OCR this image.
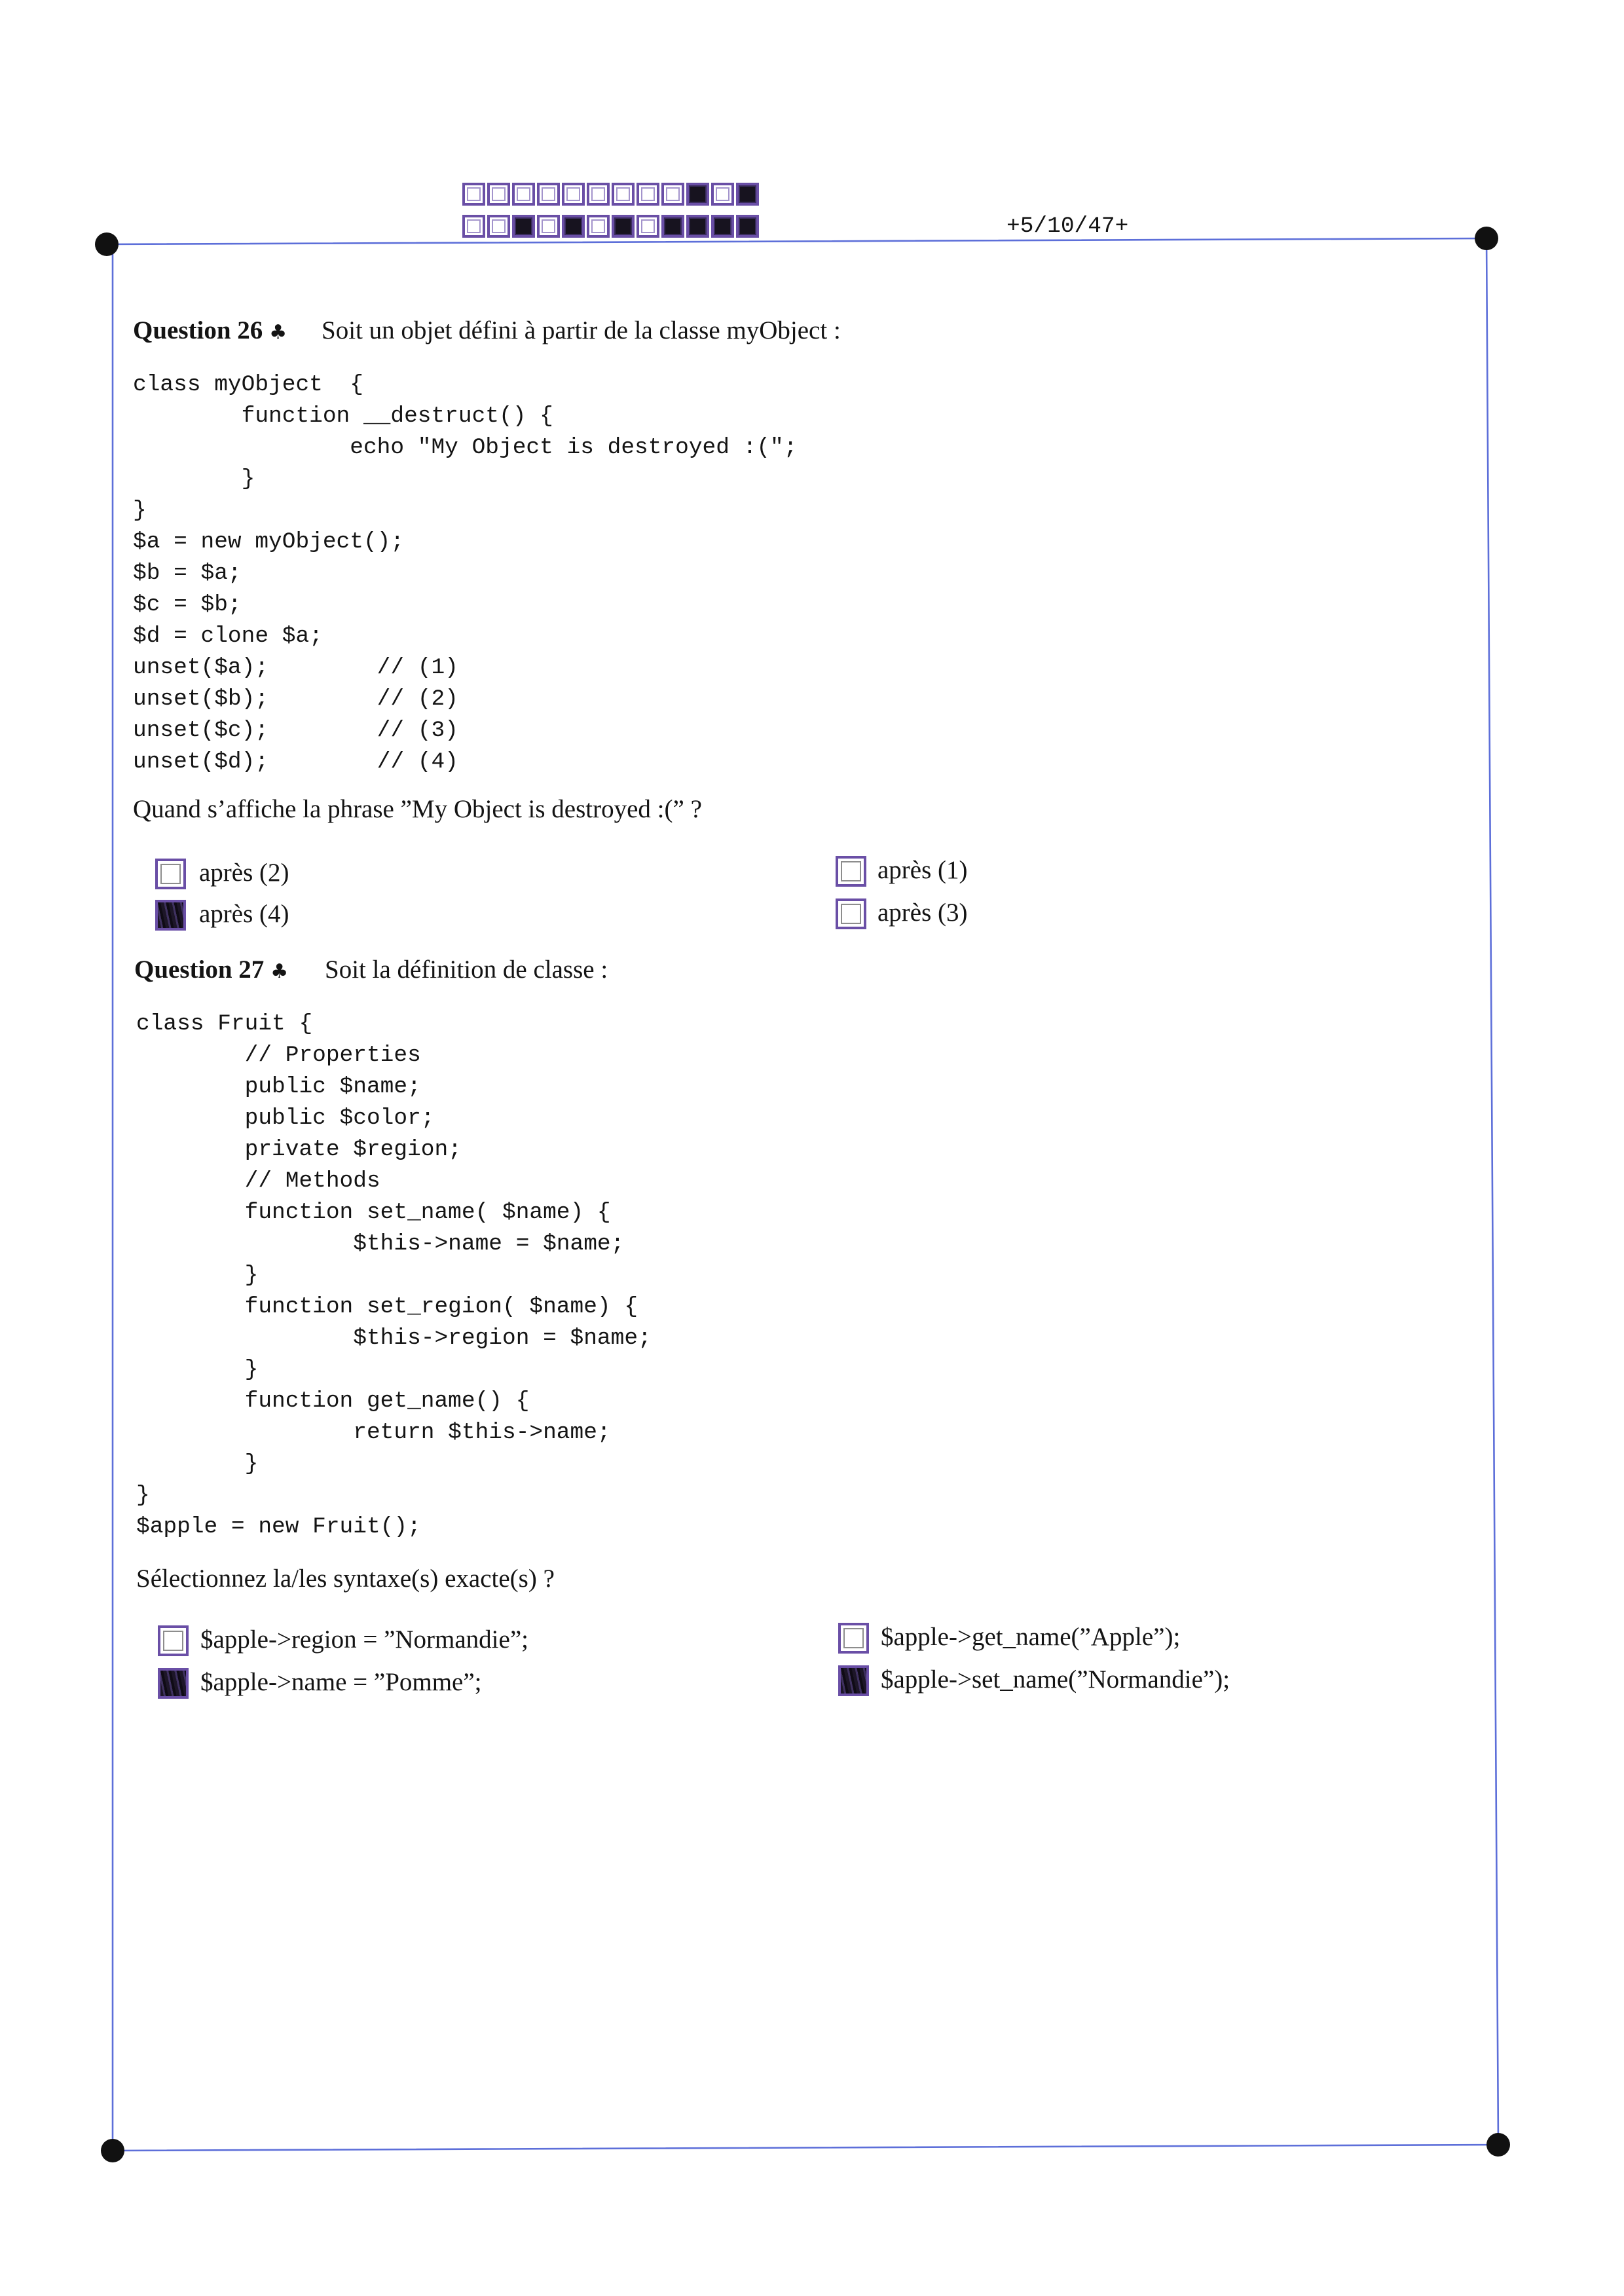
+5/10/47+
Question 26 ♣ Soit un objet défini à partir de la classe myObject :
class myObject  {
function __destruct() {
echo "My Object is destroyed :(";
}
}
$a = new myObject();
$b = $a;
$c = $b;
$d = clone $a;
unset($a);        // (1)
unset($b);        // (2)
unset($c);        // (3)
unset($d);        // (4)
Quand s’affiche la phrase ”My Object is destroyed :(” ?
après (2)
après (4)
après (1)
après (3)
Question 27 ♣ Soit la définition de classe :
class Fruit {
// Properties
public $name;
public $color;
private $region;
// Methods
function set_name( $name) {
$this->name = $name;
}
function set_region( $name) {
$this->region = $name;
}
function get_name() {
return $this->name;
}
}
$apple = new Fruit();
Sélectionnez la/les syntaxe(s) exacte(s) ?
$apple->region = ”Normandie”;
$apple->name = ”Pomme”;
$apple->get_name(”Apple”);
$apple->set_name(”Normandie”);
